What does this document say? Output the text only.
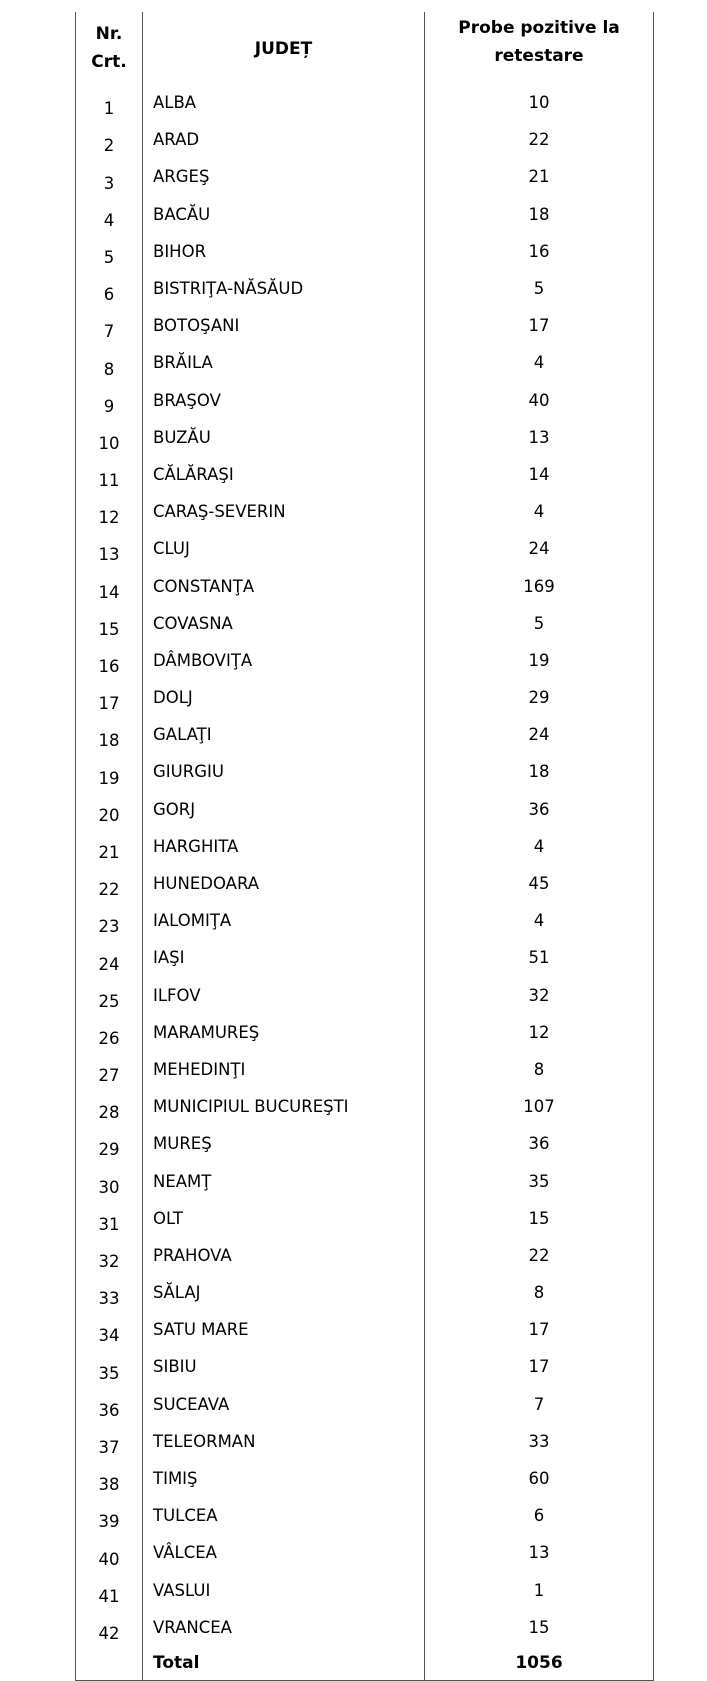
Nr.
Crt.	JUDEȚ	Probe pozitive la
retestare
1	ALBA	10
2	ARAD	22
3	ARGEŞ	21
4	BACĂU	18
5	BIHOR	16
6	BISTRIŢA-NĂSĂUD	5
7	BOTOŞANI	17
8	BRĂILA	4
9	BRAŞOV	40
10	BUZĂU	13
11	CĂLĂRAŞI	14
12	CARAŞ-SEVERIN	4
13	CLUJ	24
14	CONSTANŢA	169
15	COVASNA	5
16	DÂMBOVIŢA	19
17	DOLJ	29
18	GALAŢI	24
19	GIURGIU	18
20	GORJ	36
21	HARGHITA	4
22	HUNEDOARA	45
23	IALOMIŢA	4
24	IAŞI	51
25	ILFOV	32
26	MARAMUREŞ	12
27	MEHEDINŢI	8
28	MUNICIPIUL BUCUREŞTI	107
29	MUREŞ	36
30	NEAMŢ	35
31	OLT	15
32	PRAHOVA	22
33	SĂLAJ	8
34	SATU MARE	17
35	SIBIU	17
36	SUCEAVA	7
37	TELEORMAN	33
38	TIMIŞ	60
39	TULCEA	6
40	VÂLCEA	13
41	VASLUI	1
42	VRANCEA	15
	Total	1056
